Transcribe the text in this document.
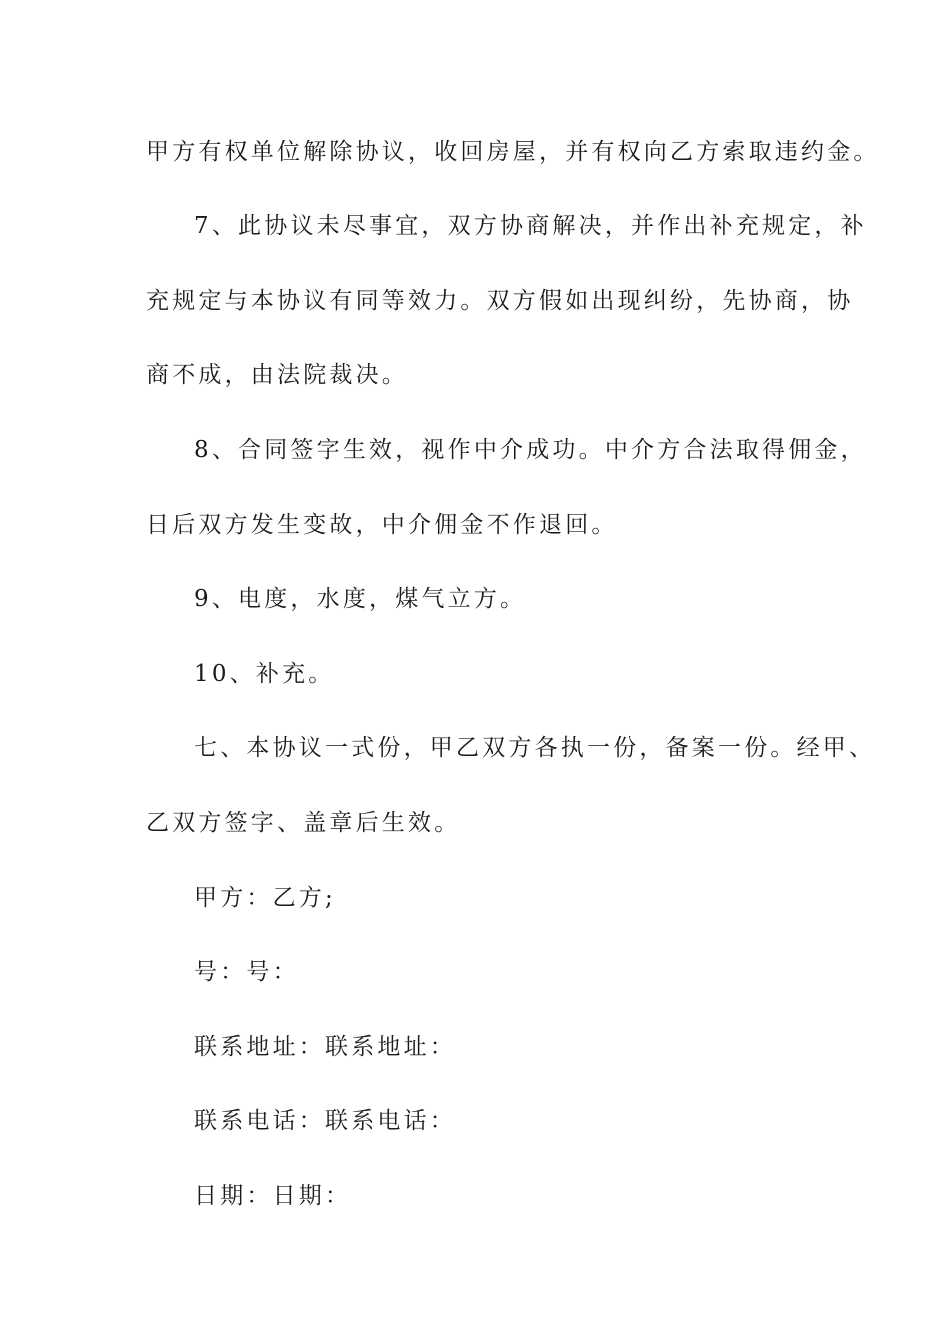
甲方有权单位解除协议，收回房屋，并有权向乙方索取违约金。
7、此协议未尽事宜，双方协商解决，并作出补充规定，补
充规定与本协议有同等效力。双方假如出现纠纷，先协商，协
商不成，由法院裁决。
8、合同签字生效，视作中介成功。中介方合法取得佣金，
日后双方发生变故，中介佣金不作退回。
9、电度，水度，煤气立方。
10、补充。
七、本协议一式份，甲乙双方各执一份，备案一份。经甲、
乙双方签字、盖章后生效。
甲方：乙方;
号：号：
联系地址：联系地址：
联系电话：联系电话：
日期：日期：
